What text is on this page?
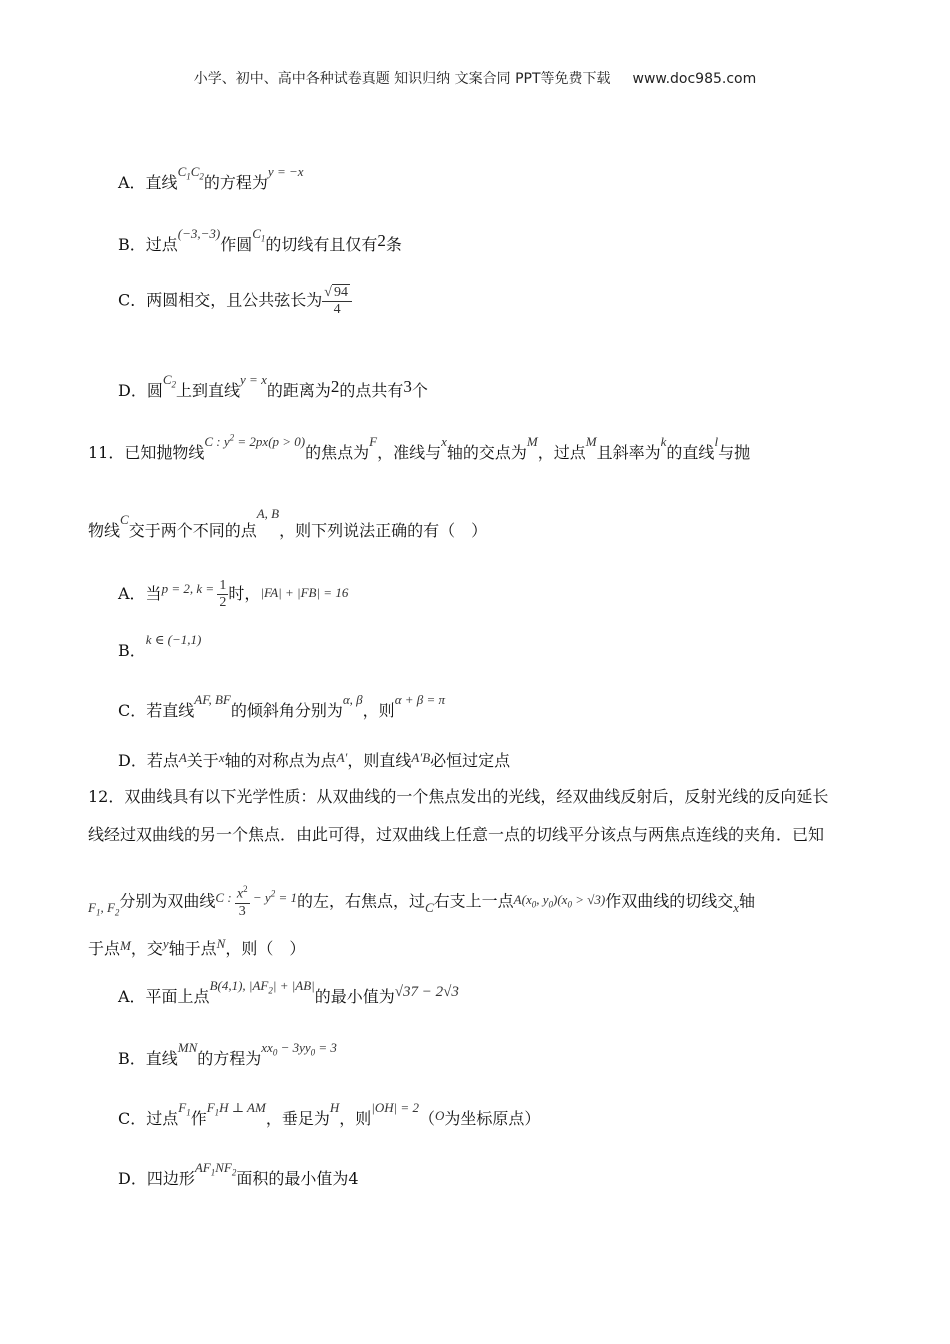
小学、初中、高中各种试卷真题 知识归纳 文案合同 PPT等免费下载 www.doc985.com
A．直线$^{C_1C_2}$的方程为$^{y = -x}$
B．过点$^{(-3,-3)}$作圆$^{C_1}$的切线有且仅有2条
C．两圆相交，且公共弦长为 $\frac{√ 94}{4}$
D．圆$^{C_2}$上到直线$^{y = x}$的距离为2的点共有3个
11．已知抛物线$^{C : y^2 = 2px(p > 0)}$的焦点为$^F$，准线与$^x$轴的交点为$^M$，过点$^M$且斜率为$^k$的直线$^l$与抛
物线$^C$交于两个不同的点$^{A, B}$，则下列说法正确的有（　）
A．当$^{p = 2, k =} \frac{1}{2}$ 时，|FA| + |FB| = 16
B．$^{k \in (-1,1)}$
C．若直线$^{AF, BF}$的倾斜角分别为$^{\alpha, \beta}$，则$^{\alpha + \beta = \pi}$
D．若点$^A$关于$^x$轴的对称点为点$^{A'}$，则直线$^{A'B}$必恒过定点
12．双曲线具有以下光学性质：从双曲线的一个焦点发出的光线，经双曲线反射后，反射光线的反向延长
线经过双曲线的另一个焦点．由此可得，过双曲线上任意一点的切线平分该点与两焦点连线的夹角．已知
$_{F_1, F_2}$分别为双曲线$^{C :} \frac{x^2}{3} ^{- y^2 = 1}$的左，右焦点，过$_C$右支上一点$A(x_0$, $y_0)(x_0 > √3)$作双曲线的切线交$_x$轴
于点$^M$，交$^y$轴于点$^N$，则（　）
A．平面上点$^{B(4,1), |AF_2| + |AB|}$的最小值为√37 − 2√3
B．直线$^{MN}$的方程为$^{xx_0 - 3yy_0 = 3}$
C．过点$^{F_1}$作$^{F_1H \perp AM}$，垂足为$^H$，则$^{|OH| = 2}$（$^O$为坐标原点）
D．四边形$^{AF_1NF_2}$面积的最小值为4
